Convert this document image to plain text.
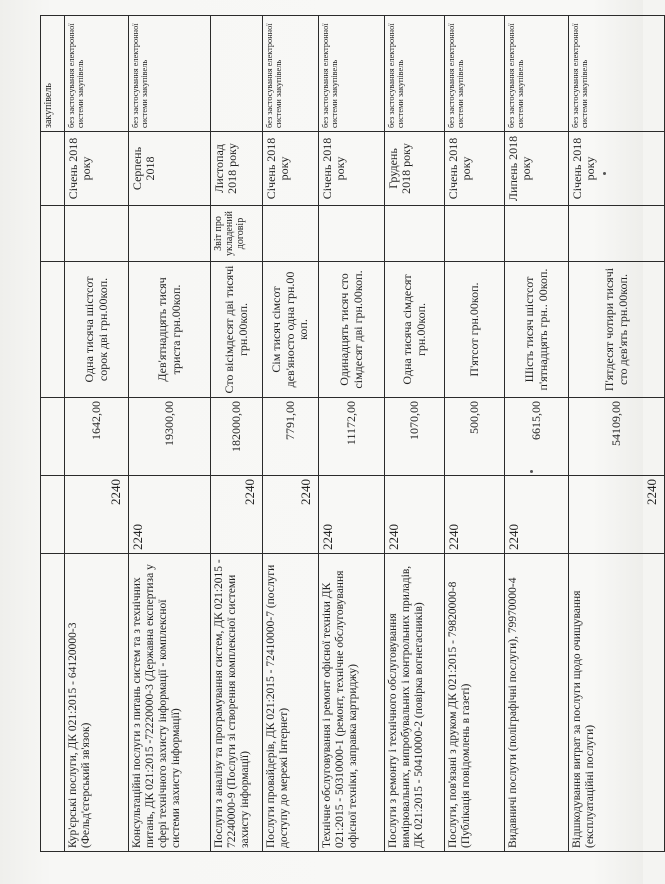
						закупівель
Кур'єрські послуги, ДК 021:2015 - 64120000-3 (Фельд'єгерський зв'язок)	2240	1642,00	Одна тисяча шістсот сорок дві грн.00коп.		Січень 2018 року	без застосування електронної системи закупівель
Консультаційні послуги з питань систем та з технічних питань, ДК 021:2015 -72220000-3 (Державна експертиза у сфері технічного захисту інформації - комплексної системи захисту інформації)	2240	19300,00	Дев'ятнадцять тисяч триста грн.00коп.		Серпень 2018	без застосування електронної системи закупівель
Послуги з аналізу та програмування систем, ДК 021:2015 - 72240000-9 (Послуги зі створення комплексної системи захисту інформації)	2240	182000,00	Сто вісімдесят дві тисячі грн.00коп.	Звіт про укладений договір	Листопад 2018 року	
Послуги провайдерів, ДК 021:2015 - 72410000-7 (послуги доступу до мережі Інтернет)	2240	7791,00	Сім тисяч сімсот дев'яносто одна грн.00 коп.		Січень 2018 року	без застосування електронної системи закупівель
Технічне обслуговування і ремонт офісної техніки ДК 021:2015 - 50310000-1 (ремонт, технічне обслуговування офісної техніки, заправка картриджу)	2240	11172,00	Одинадцять тисяч сто сімдесят дві грн.00коп.		Січень 2018 року	без застосування електронної системи закупівель
Послуги з ремонту і технічного обслуговування вимірювальних, випробувальних і контрольних приладів, ДК 021:2015 - 50410000-2 (повірка вогнегасників)	2240	1070,00	Одна тисяча сімдесят грн.00коп.		Грудень 2018 року	без застосування електронної системи закупівель
Послуги, пов'язані з друком ДК 021:2015 - 79820000-8 (Публікація повідомлень в газеті)	2240	500,00	П'ятсот грн.00коп.		Січень 2018 року	без застосування електронної системи закупівель
Видавничі послуги (поліграфічні послуги), 79970000-4	2240	6615,00	Шість тисяч шістсот п'ятнадцять грн.. 00коп.		Липень 2018 року	без застосування електронної системи закупівель
Відшкодування витрат за послуги щодо очищування (експлуатаційні послуги)	2240	54109,00	П'ятдесят чотири тисячі сто дев'ять грн.00коп.		Січень 2018 року	без застосування електронної системи закупівель
